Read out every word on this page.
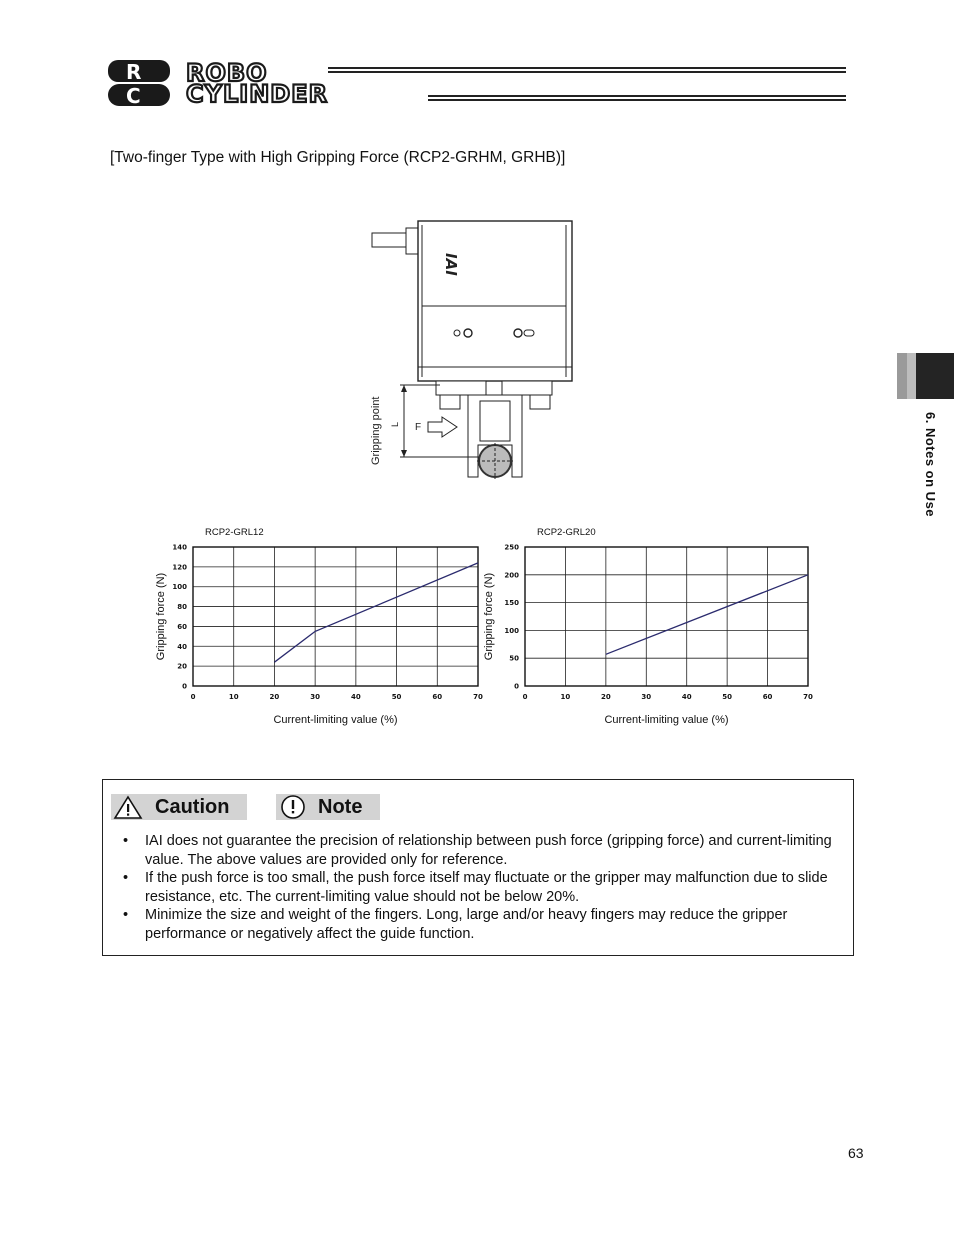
R
C
ROBO
CYLINDER
[Two-finger Type with High Gripping Force (RCP2-GRHM, GRHB)]
6. Notes on Use
IAI
L
Gripping point	F
RCP2-GRL12
0	10	20	30	40	50	60	70
0
20
40
60
80
100
120
140
Current-limiting value (%)
Gripping force (N)
RCP2-GRL20
0	10	20	30	40	50	60	70
0
50
100
150
200
250
Current-limiting value (%)
Gripping force (N)
Caution	Note
• IAI does not guarantee the precision of relationship between push force (gripping force) and current-limiting value. The above values are provided only for reference.
• If the push force is too small, the push force itself may fluctuate or the gripper may malfunction due to slide resistance, etc. The current-limiting value should not be below 20%.
• Minimize the size and weight of the fingers. Long, large and/or heavy fingers may reduce the gripper performance or negatively affect the guide function.
63
